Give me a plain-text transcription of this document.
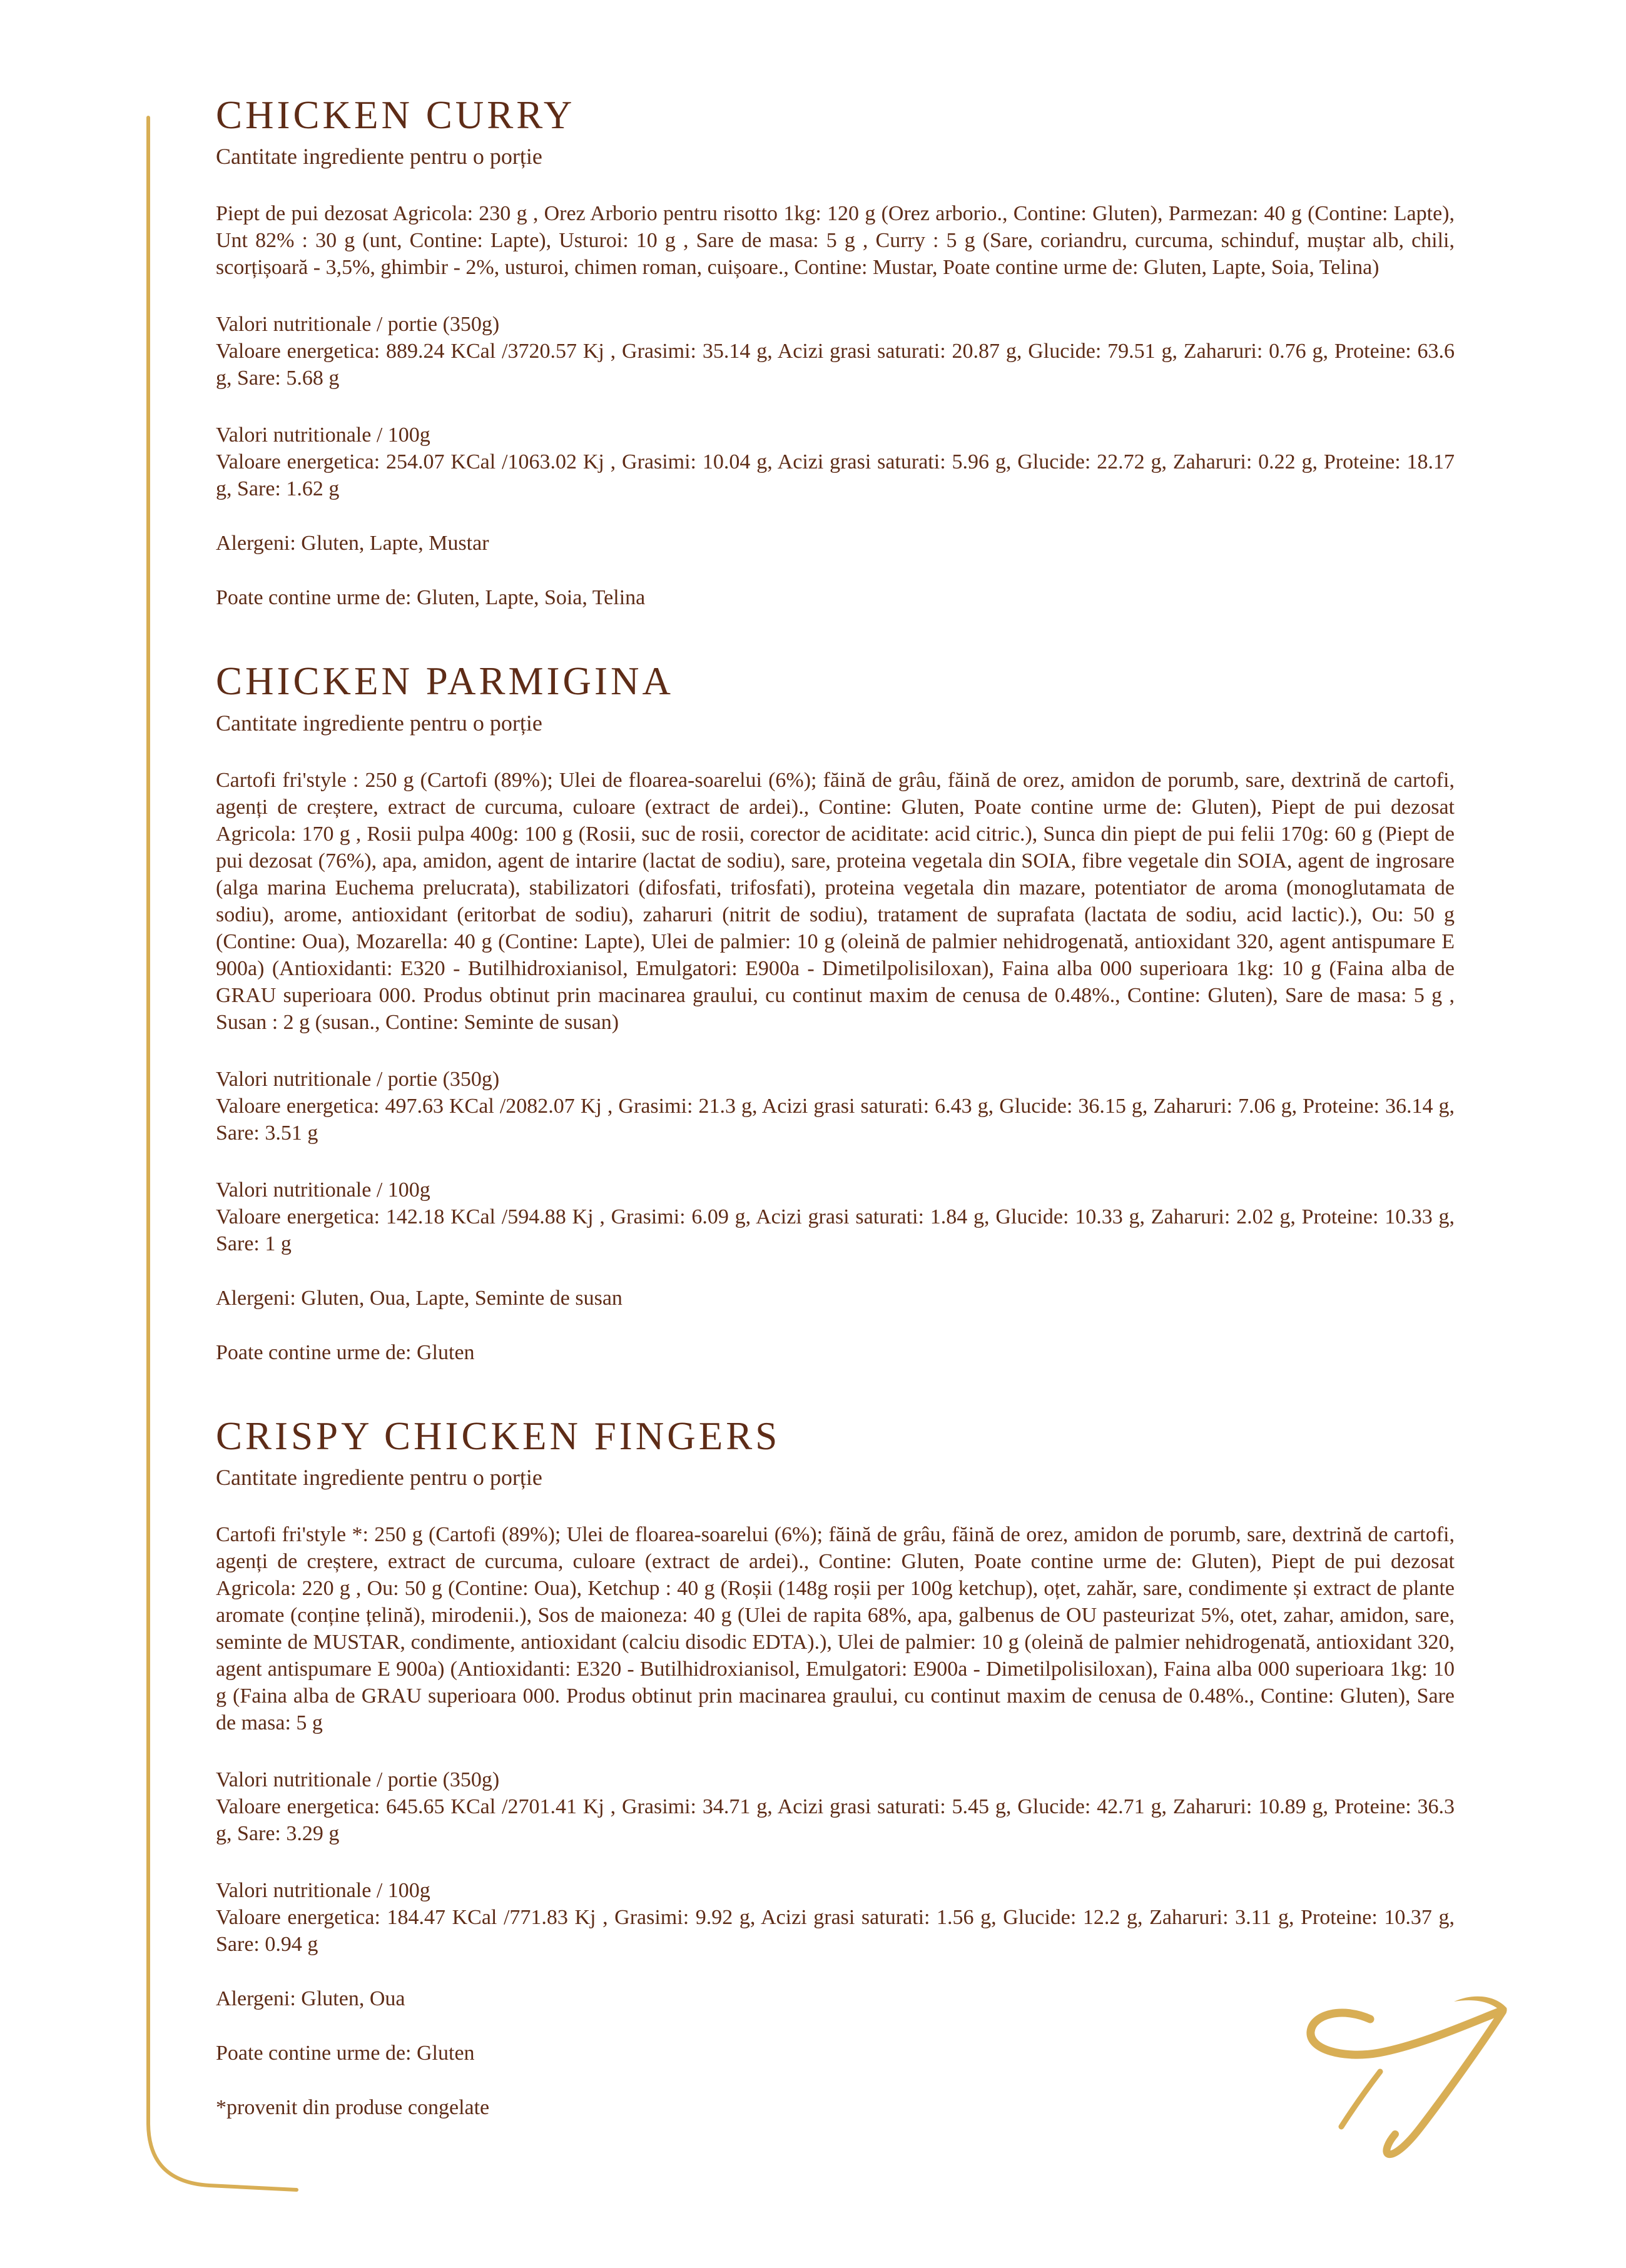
CHICKEN CURRY
Cantitate ingrediente pentru o porție
Piept de pui dezosat Agricola: 230 g , Orez Arborio pentru risotto 1kg: 120 g (Orez arborio., Contine: Gluten), Parmezan: 40 g (Contine: Lapte), Unt 82% : 30 g (unt, Contine: Lapte), Usturoi: 10 g , Sare de masa: 5 g , Curry : 5 g (Sare, coriandru, curcuma, schinduf, muștar alb, chili, scorțișoară - 3,5%, ghimbir - 2%, usturoi, chimen roman, cuișoare., Contine: Mustar, Poate contine urme de: Gluten, Lapte, Soia, Telina)
Valori nutritionale / portie (350g)
Valoare energetica: 889.24 KCal /3720.57 Kj , Grasimi: 35.14 g, Acizi grasi saturati: 20.87 g, Glucide: 79.51 g, Zaharuri: 0.76 g, Proteine: 63.6 g, Sare: 5.68 g
Valori nutritionale / 100g
Valoare energetica: 254.07 KCal /1063.02 Kj , Grasimi: 10.04 g, Acizi grasi saturati: 5.96 g, Glucide: 22.72 g, Zaharuri: 0.22 g, Proteine: 18.17 g, Sare: 1.62 g
Alergeni: Gluten, Lapte, Mustar
Poate contine urme de: Gluten, Lapte, Soia, Telina
CHICKEN PARMIGINA
Cantitate ingrediente pentru o porție
Cartofi fri'style : 250 g (Cartofi (89%); Ulei de floarea-soarelui (6%); făină de grâu, făină de orez, amidon de porumb, sare, dextrină de cartofi, agenți de creștere, extract de curcuma, culoare (extract de ardei)., Contine: Gluten, Poate contine urme de: Gluten), Piept de pui dezosat Agricola: 170 g , Rosii pulpa 400g: 100 g (Rosii, suc de rosii, corector de aciditate: acid citric.), Sunca din piept de pui felii 170g: 60 g (Piept de pui dezosat (76%), apa, amidon, agent de intarire (lactat de sodiu), sare, proteina vegetala din SOIA, fibre vegetale din SOIA, agent de ingrosare (alga marina Euchema prelucrata), stabilizatori (difosfati, trifosfati), proteina vegetala din mazare, potentiator de aroma (monoglutamata de sodiu), arome, antioxidant (eritorbat de sodiu), zaharuri (nitrit de sodiu), tratament de suprafata (lactata de sodiu, acid lactic).), Ou: 50 g (Contine: Oua), Mozarella: 40 g (Contine: Lapte), Ulei de palmier: 10 g (oleină de palmier nehidrogenată, antioxidant 320, agent antispumare E 900a) (Antioxidanti: E320 - Butilhidroxianisol, Emulgatori: E900a - Dimetilpolisiloxan), Faina alba 000 superioara 1kg: 10 g (Faina alba de GRAU superioara 000. Produs obtinut prin macinarea graului, cu continut maxim de cenusa de 0.48%., Contine: Gluten), Sare de masa: 5 g , Susan : 2 g (susan., Contine: Seminte de susan)
Valori nutritionale / portie (350g)
Valoare energetica: 497.63 KCal /2082.07 Kj , Grasimi: 21.3 g, Acizi grasi saturati: 6.43 g, Glucide: 36.15 g, Zaharuri: 7.06 g, Proteine: 36.14 g, Sare: 3.51 g
Valori nutritionale / 100g
Valoare energetica: 142.18 KCal /594.88 Kj , Grasimi: 6.09 g, Acizi grasi saturati: 1.84 g, Glucide: 10.33 g, Zaharuri: 2.02 g, Proteine: 10.33 g, Sare: 1 g
Alergeni: Gluten, Oua, Lapte, Seminte de susan
Poate contine urme de: Gluten
CRISPY CHICKEN FINGERS
Cantitate ingrediente pentru o porție
Cartofi fri'style *: 250 g (Cartofi (89%); Ulei de floarea-soarelui (6%); făină de grâu, făină de orez, amidon de porumb, sare, dextrină de cartofi, agenți de creștere, extract de curcuma, culoare (extract de ardei)., Contine: Gluten, Poate contine urme de: Gluten), Piept de pui dezosat Agricola: 220 g , Ou: 50 g (Contine: Oua), Ketchup : 40 g (Roșii (148g roșii per 100g ketchup), oțet, zahăr, sare, condimente și extract de plante aromate (conține țelină), mirodenii.), Sos de maioneza: 40 g (Ulei de rapita 68%, apa, galbenus de OU pasteurizat 5%, otet, zahar, amidon, sare, seminte de MUSTAR, condimente, antioxidant (calciu disodic EDTA).), Ulei de palmier: 10 g (oleină de palmier nehidrogenată, antioxidant 320, agent antispumare E 900a) (Antioxidanti: E320 - Butilhidroxianisol, Emulgatori: E900a - Dimetilpolisiloxan), Faina alba 000 superioara 1kg: 10 g (Faina alba de GRAU superioara 000. Produs obtinut prin macinarea graului, cu continut maxim de cenusa de 0.48%., Contine: Gluten), Sare de masa: 5 g
Valori nutritionale / portie (350g)
Valoare energetica: 645.65 KCal /2701.41 Kj , Grasimi: 34.71 g, Acizi grasi saturati: 5.45 g, Glucide: 42.71 g, Zaharuri: 10.89 g, Proteine: 36.3 g, Sare: 3.29 g
Valori nutritionale / 100g
Valoare energetica: 184.47 KCal /771.83 Kj , Grasimi: 9.92 g, Acizi grasi saturati: 1.56 g, Glucide: 12.2 g, Zaharuri: 3.11 g, Proteine: 10.37 g, Sare: 0.94 g
Alergeni: Gluten, Oua
Poate contine urme de: Gluten
*provenit din produse congelate
